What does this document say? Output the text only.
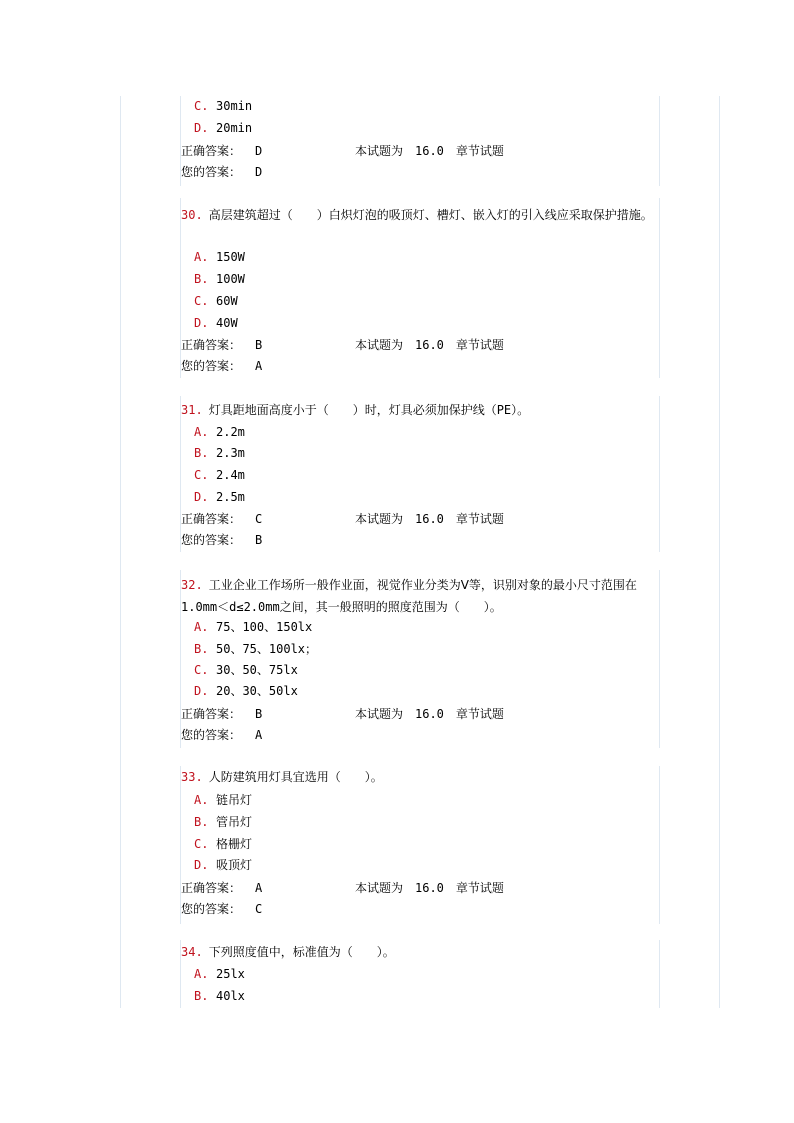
C. 30min
D. 20min
正确答案： D	本试题为　16.0　章节试题
您的答案： D
30. 高层建筑超过（　　）白炽灯泡的吸顶灯、槽灯、嵌入灯的引入线应采取保护措施。
A. 150W
B. 100W
C. 60W
D. 40W
正确答案： B	本试题为　16.0　章节试题
您的答案： A
31. 灯具距地面高度小于（　　）时，灯具必须加保护线（PE）。
A. 2.2m
B. 2.3m
C. 2.4m
D. 2.5m
正确答案： C	本试题为　16.0　章节试题
您的答案： B
32. 工业企业工作场所一般作业面，视觉作业分类为Ⅴ等，识别对象的最小尺寸范围在1.0mm＜d≤2.0mm之间，其一般照明的照度范围为（　　）。
A. 75、100、150lx
B. 50、75、100lx；
C. 30、50、75lx
D. 20、30、50lx
正确答案： B	本试题为　16.0　章节试题
您的答案： A
33. 人防建筑用灯具宜选用（　　）。
A. 链吊灯
B. 管吊灯
C. 格栅灯
D. 吸顶灯
正确答案： A	本试题为　16.0　章节试题
您的答案： C
34. 下列照度值中，标准值为（　　）。
A. 25lx
B. 40lx
